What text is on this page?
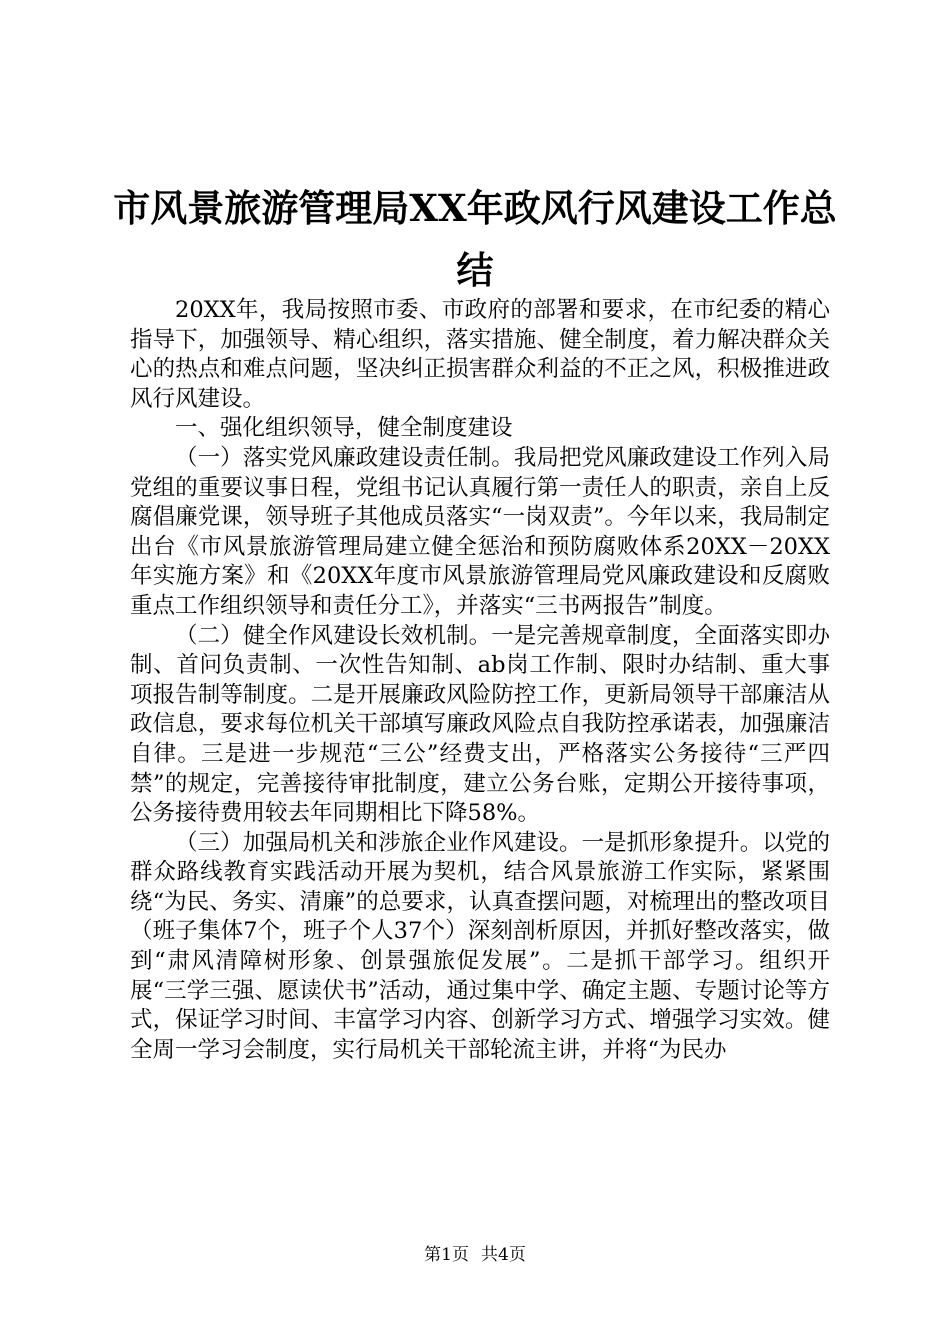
市风景旅游管理局XX年政风行风建设工作总
结

20XX年，我局按照市委、市政府的部署和要求，在市纪委的精心指导下，加强领导、精心组织，落实措施、健全制度，着力解决群众关心的热点和难点问题，坚决纠正损害群众利益的不正之风，积极推进政风行风建设。

一、强化组织领导，健全制度建设

（一）落实党风廉政建设责任制。我局把党风廉政建设工作列入局党组的重要议事日程，党组书记认真履行第一责任人的职责，亲自上反腐倡廉党课，领导班子其他成员落实“一岗双责”。今年以来，我局制定出台《市风景旅游管理局建立健全惩治和预防腐败体系20XX－20XX年实施方案》和《20XX年度市风景旅游管理局党风廉政建设和反腐败重点工作组织领导和责任分工》，并落实“三书两报告”制度。

（二）健全作风建设长效机制。一是完善规章制度，全面落实即办制、首问负责制、一次性告知制、ab岗工作制、限时办结制、重大事项报告制等制度。二是开展廉政风险防控工作，更新局领导干部廉洁从政信息，要求每位机关干部填写廉政风险点自我防控承诺表，加强廉洁自律。三是进一步规范“三公”经费支出，严格落实公务接待“三严四禁”的规定，完善接待审批制度，建立公务台账，定期公开接待事项，公务接待费用较去年同期相比下降58%。

（三）加强局机关和涉旅企业作风建设。一是抓形象提升。以党的群众路线教育实践活动开展为契机，结合风景旅游工作实际，紧紧围绕“为民、务实、清廉”的总要求，认真查摆问题，对梳理出的整改项目（班子集体7个，班子个人37个）深刻剖析原因，并抓好整改落实，做到“肃风清障树形象、创景强旅促发展”。二是抓干部学习。组织开展“三学三强、愿读伏书”活动，通过集中学、确定主题、专题讨论等方式，保证学习时间、丰富学习内容、创新学习方式、增强学习实效。健全周一学习会制度，实行局机关干部轮流主讲，并将“为民办

第1页 共4页
